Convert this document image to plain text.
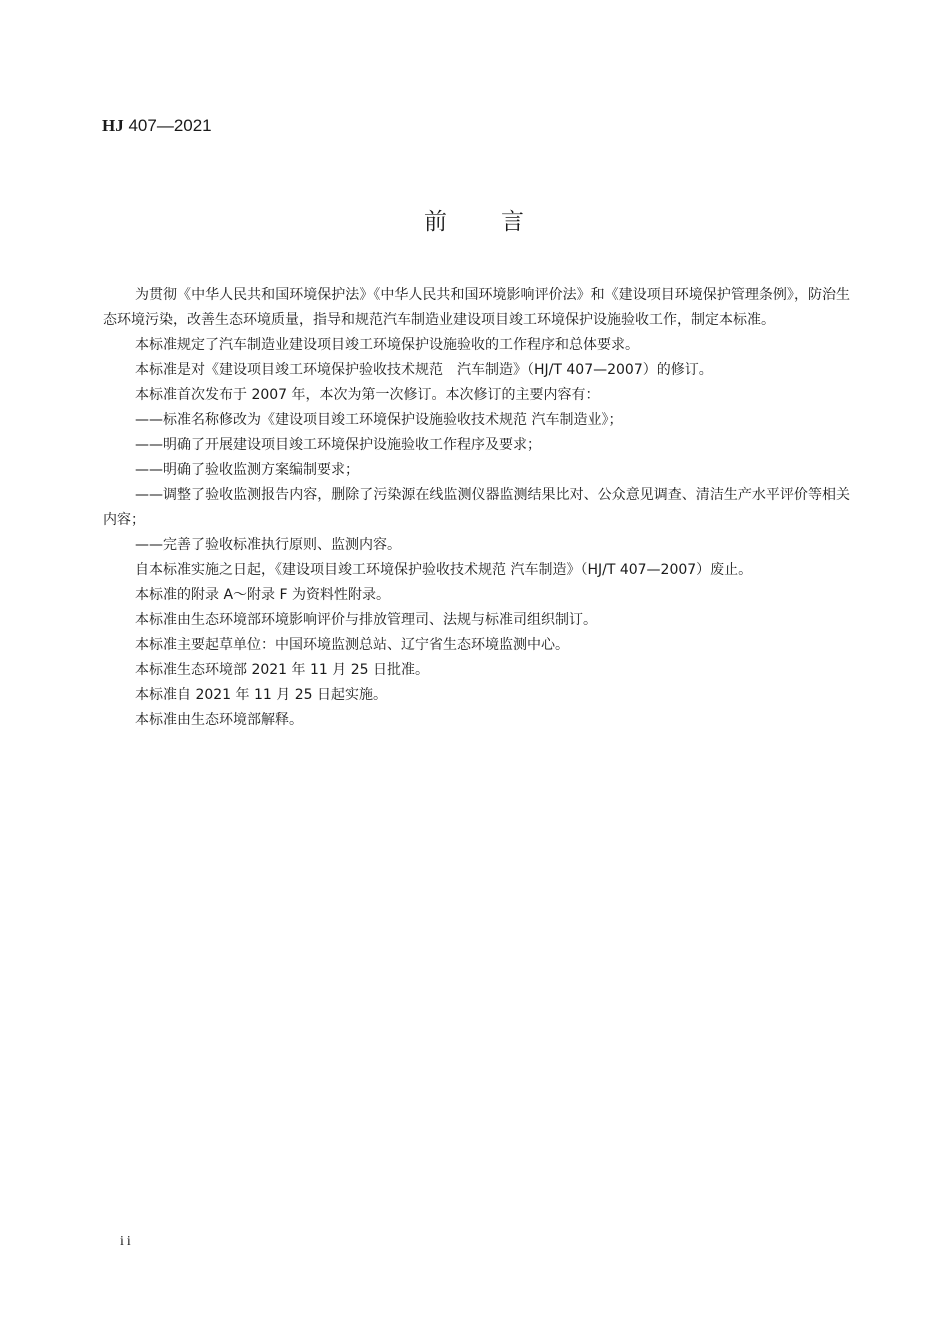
HJ 407—2021
前 言

为贯彻《中华人民共和国环境保护法》《中华人民共和国环境影响评价法》和《建设项目环境保护管理条例》，防治生态环境污染，改善生态环境质量，指导和规范汽车制造业建设项目竣工环境保护设施验收工作，制定本标准。

本标准规定了汽车制造业建设项目竣工环境保护设施验收的工作程序和总体要求。

本标准是对《建设项目竣工环境保护验收技术规范　汽车制造》（HJ/T 407—2007）的修订。

本标准首次发布于 2007 年，本次为第一次修订。本次修订的主要内容有：

——标准名称修改为《建设项目竣工环境保护设施验收技术规范 汽车制造业》；

——明确了开展建设项目竣工环境保护设施验收工作程序及要求；

——明确了验收监测方案编制要求；

——调整了验收监测报告内容，删除了污染源在线监测仪器监测结果比对、公众意见调查、清洁生产水平评价等相关内容；

——完善了验收标准执行原则、监测内容。

自本标准实施之日起，《建设项目竣工环境保护验收技术规范 汽车制造》（HJ/T 407—2007）废止。

本标准的附录 A～附录 F 为资料性附录。

本标准由生态环境部环境影响评价与排放管理司、法规与标准司组织制订。

本标准主要起草单位：中国环境监测总站、辽宁省生态环境监测中心。

本标准生态环境部 2021 年 11 月 25 日批准。

本标准自 2021 年 11 月 25 日起实施。

本标准由生态环境部解释。

ii
